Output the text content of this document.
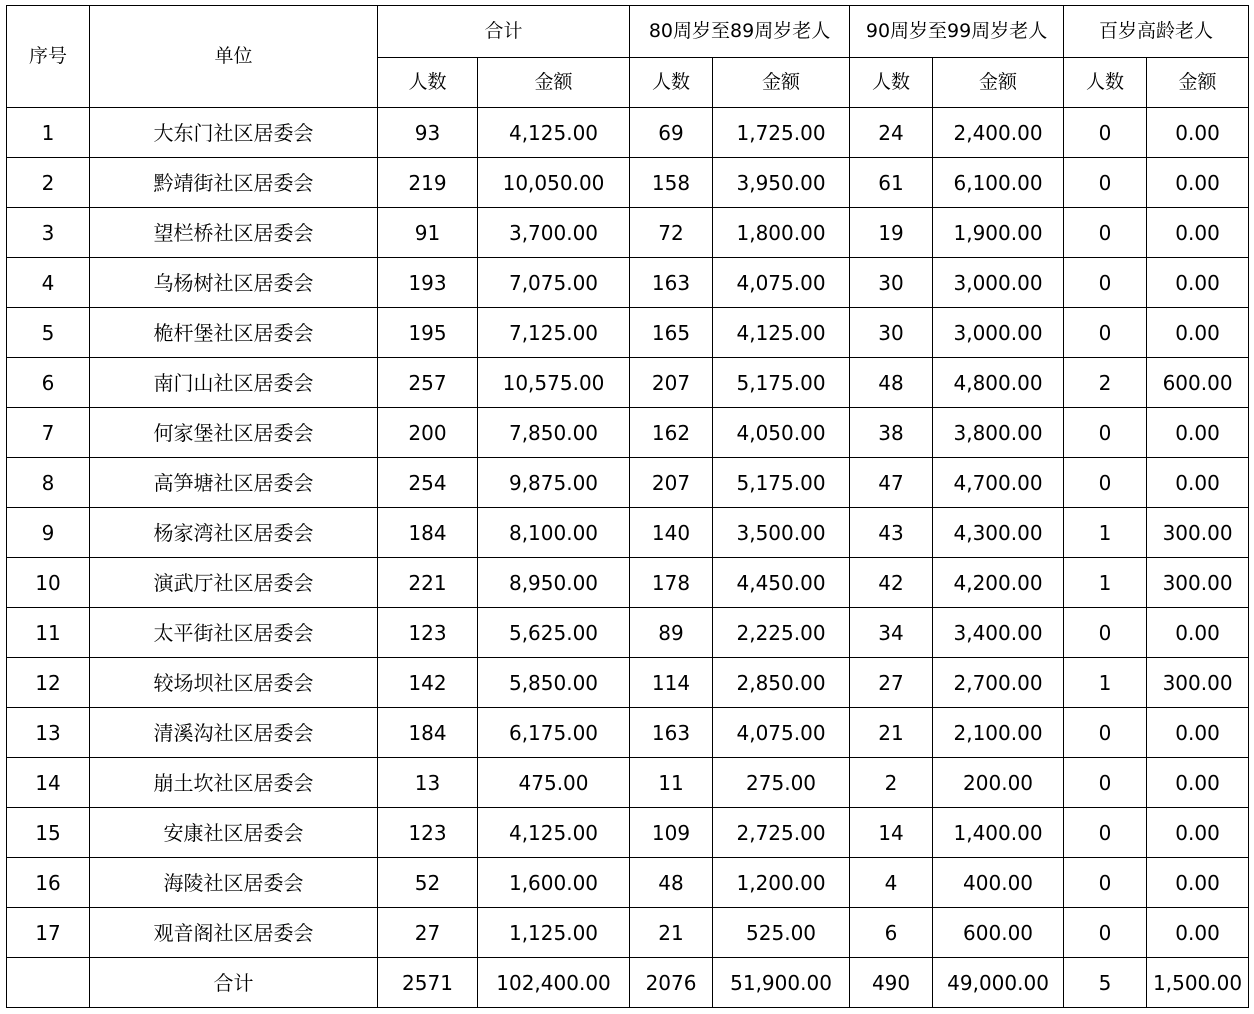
序号	单位	合计		80周岁至89周岁老人		90周岁至99周岁老人		百岁高龄老人	
		人数	金额	人数	金额	人数	金额	人数	金额
1	大东门社区居委会	93	4,125.00	69	1,725.00	24	2,400.00	0	0.00
2	黔靖街社区居委会	219	10,050.00	158	3,950.00	61	6,100.00	0	0.00
3	望栏桥社区居委会	91	3,700.00	72	1,800.00	19	1,900.00	0	0.00
4	乌杨树社区居委会	193	7,075.00	163	4,075.00	30	3,000.00	0	0.00
5	桅杆堡社区居委会	195	7,125.00	165	4,125.00	30	3,000.00	0	0.00
6	南门山社区居委会	257	10,575.00	207	5,175.00	48	4,800.00	2	600.00
7	何家堡社区居委会	200	7,850.00	162	4,050.00	38	3,800.00	0	0.00
8	高笋塘社区居委会	254	9,875.00	207	5,175.00	47	4,700.00	0	0.00
9	杨家湾社区居委会	184	8,100.00	140	3,500.00	43	4,300.00	1	300.00
10	演武厅社区居委会	221	8,950.00	178	4,450.00	42	4,200.00	1	300.00
11	太平街社区居委会	123	5,625.00	89	2,225.00	34	3,400.00	0	0.00
12	较场坝社区居委会	142	5,850.00	114	2,850.00	27	2,700.00	1	300.00
13	清溪沟社区居委会	184	6,175.00	163	4,075.00	21	2,100.00	0	0.00
14	崩土坎社区居委会	13	475.00	11	275.00	2	200.00	0	0.00
15	安康社区居委会	123	4,125.00	109	2,725.00	14	1,400.00	0	0.00
16	海陵社区居委会	52	1,600.00	48	1,200.00	4	400.00	0	0.00
17	观音阁社区居委会	27	1,125.00	21	525.00	6	600.00	0	0.00
	合计	2571	102,400.00	2076	51,900.00	490	49,000.00	5	1,500.00
